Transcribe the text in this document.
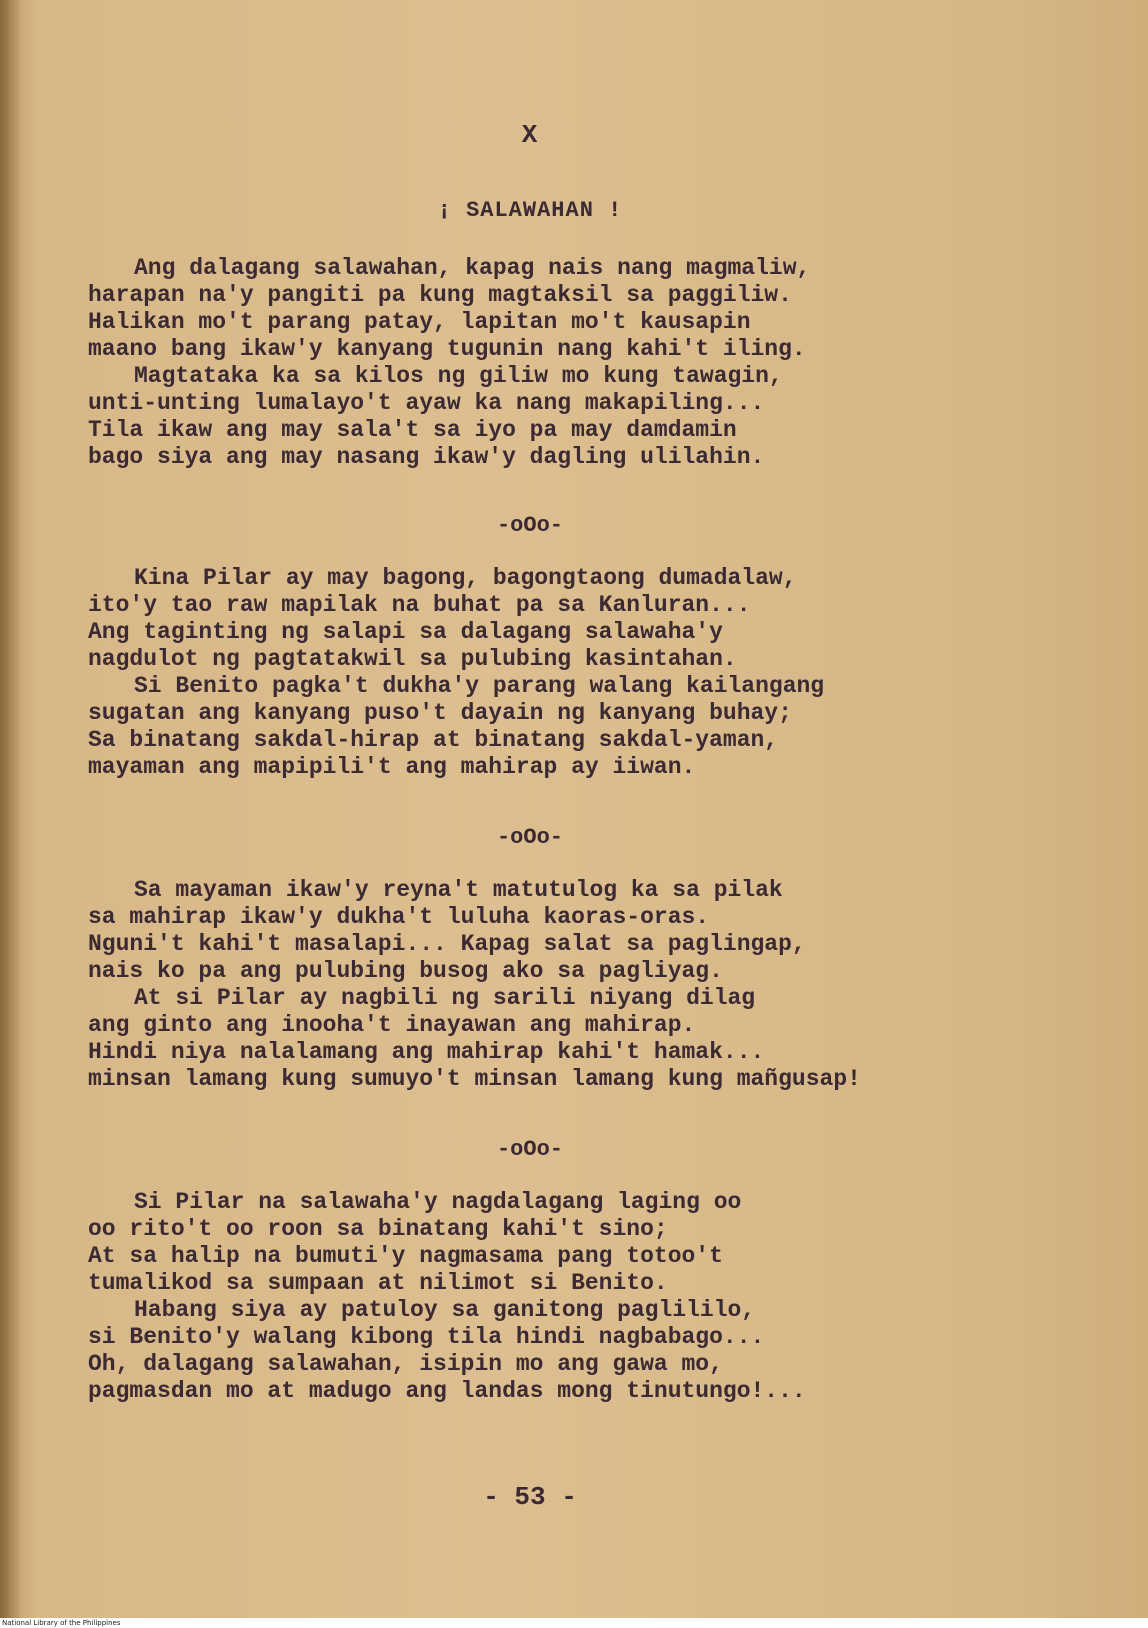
X
¡ SALAWAHAN !
Ang dalagang salawahan, kapag nais nang magmaliw,
harapan na'y pangiti pa kung magtaksil sa paggiliw.
Halikan mo't parang patay, lapitan mo't kausapin
maano bang ikaw'y kanyang tugunin nang kahi't iling.
Magtataka ka sa kilos ng giliw mo kung tawagin,
unti-unting lumalayo't ayaw ka nang makapiling...
Tila ikaw ang may sala't sa iyo pa may damdamin
bago siya ang may nasang ikaw'y dagling ulilahin.
-oOo-
Kina Pilar ay may bagong, bagongtaong dumadalaw,
ito'y tao raw mapilak na buhat pa sa Kanluran...
Ang taginting ng salapi sa dalagang salawaha'y
nagdulot ng pagtatakwil sa pulubing kasintahan.
Si Benito pagka't dukha'y parang walang kailangang
sugatan ang kanyang puso't dayain ng kanyang buhay;
Sa binatang sakdal-hirap at binatang sakdal-yaman,
mayaman ang mapipili't ang mahirap ay iiwan.
-oOo-
Sa mayaman ikaw'y reyna't matutulog ka sa pilak
sa mahirap ikaw'y dukha't luluha kaoras-oras.
Nguni't kahi't masalapi... Kapag salat sa paglingap,
nais ko pa ang pulubing busog ako sa pagliyag.
At si Pilar ay nagbili ng sarili niyang dilag
ang ginto ang inooha't inayawan ang mahirap.
Hindi niya nalalamang ang mahirap kahi't hamak...
minsan lamang kung sumuyo't minsan lamang kung mañgusap!
-oOo-
Si Pilar na salawaha'y nagdalagang laging oo
oo rito't oo roon sa binatang kahi't sino;
At sa halip na bumuti'y nagmasama pang totoo't
tumalikod sa sumpaan at nilimot si Benito.
Habang siya ay patuloy sa ganitong paglililo,
si Benito'y walang kibong tila hindi nagbabago...
Oh, dalagang salawahan, isipin mo ang gawa mo,
pagmasdan mo at madugo ang landas mong tinutungo!...
- 53 -
National Library of the Philippines
